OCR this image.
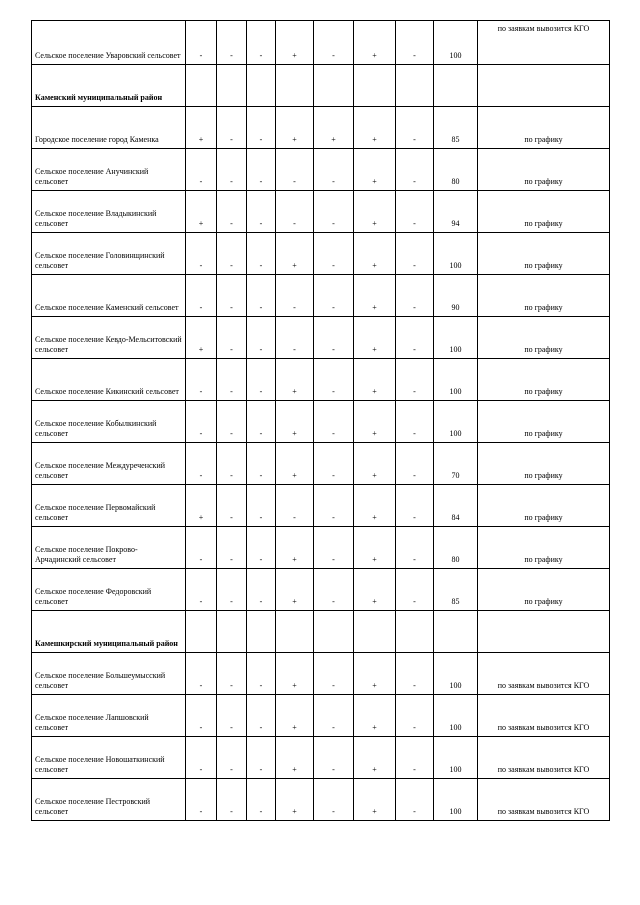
Сельское поселение Уваровский сельсовет	-	-	-	+	-	+	-	100	по заявкам вывозится КГО
Каменский муниципальный район									
Городское поселение город Каменка	+	-	-	+	+	+	-	85	по графику
Сельское поселение Анучинский сельсовет	-	-	-	-	-	+	-	80	по графику
Сельское поселение Владыкинский сельсовет	+	-	-	-	-	+	-	94	по графику
Сельское поселение Головинщинский сельсовет	-	-	-	+	-	+	-	100	по графику
Сельское поселение Каменский сельсовет	-	-	-	-	-	+	-	90	по графику
Сельское поселение Кевдо-Мельситовский сельсовет	+	-	-	-	-	+	-	100	по графику
Сельское поселение Кикинский сельсовет	-	-	-	+	-	+	-	100	по графику
Сельское поселение Кобылкинский сельсовет	-	-	-	+	-	+	-	100	по графику
Сельское поселение Междуреченский сельсовет	-	-	-	+	-	+	-	70	по графику
Сельское поселение Первомайский сельсовет	+	-	-	-	-	+	-	84	по графику
Сельское поселение Покрово-Арчадинский сельсовет	-	-	-	+	-	+	-	80	по графику
Сельское поселение Федоровский сельсовет	-	-	-	+	-	+	-	85	по графику
Камешкирский муниципальный район									
Сельское поселение Большеумысский сельсовет	-	-	-	+	-	+	-	100	по заявкам вывозится КГО
Сельское поселение Лапшовский сельсовет	-	-	-	+	-	+	-	100	по заявкам вывозится КГО
Сельское поселение Новошаткинский сельсовет	-	-	-	+	-	+	-	100	по заявкам вывозится КГО
Сельское поселение Пестровский сельсовет	-	-	-	+	-	+	-	100	по заявкам вывозится КГО
